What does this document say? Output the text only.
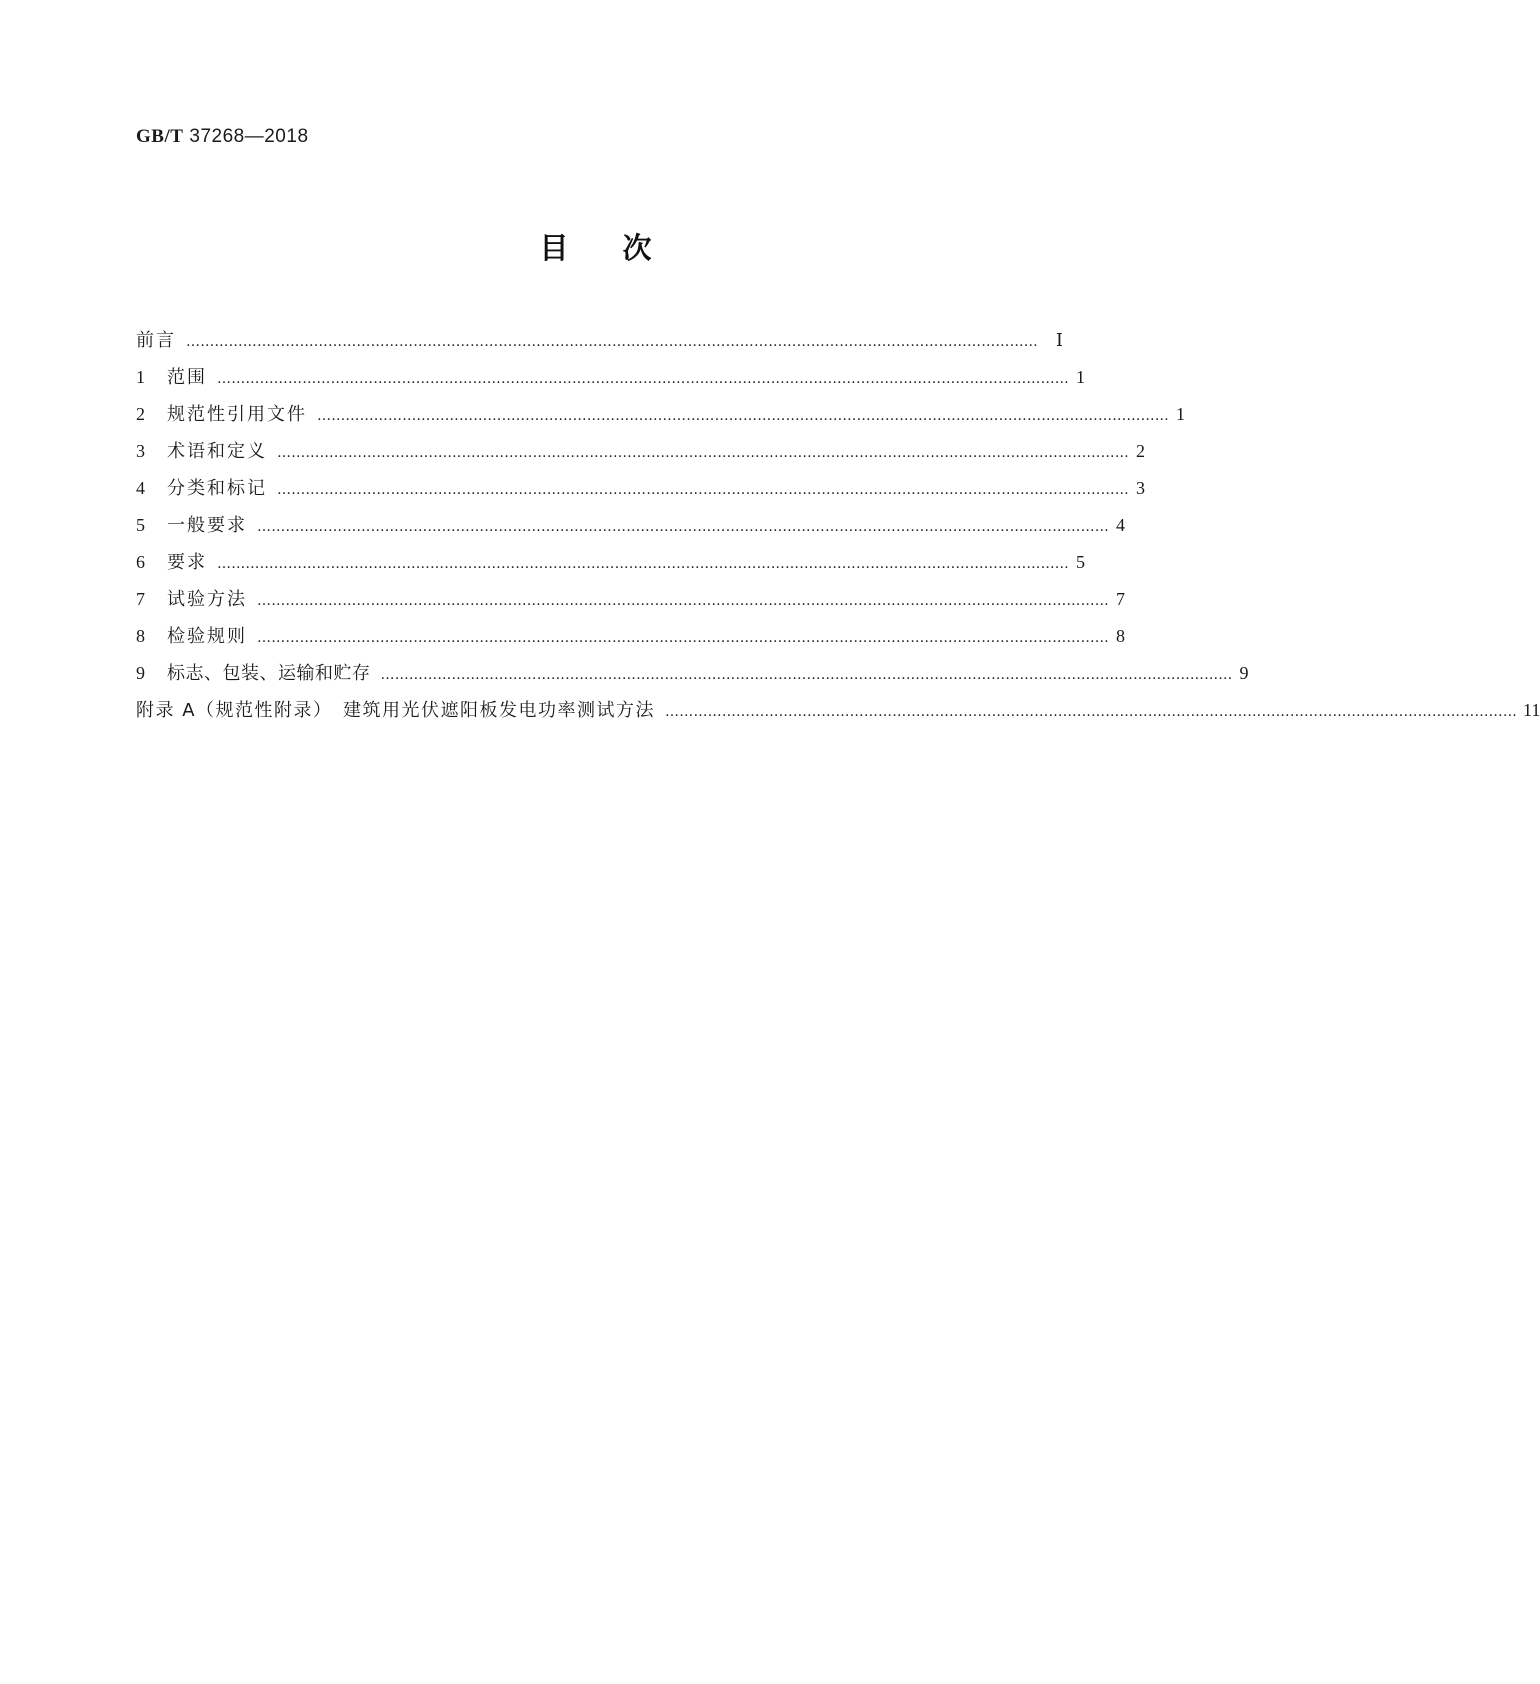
GB/T 37268—2018
目次
前言 ……………………………………………………………………………………………………………………………………………………………… Ⅰ
1	范围 ……………………………………………………………………………………………………………………………………………………………… 1
2	规范性引用文件 ……………………………………………………………………………………………………………………………………………………………… 1
3	术语和定义 ……………………………………………………………………………………………………………………………………………………………… 2
4	分类和标记 ……………………………………………………………………………………………………………………………………………………………… 3
5	一般要求 ……………………………………………………………………………………………………………………………………………………………… 4
6	要求 ……………………………………………………………………………………………………………………………………………………………… 5
7	试验方法 ……………………………………………………………………………………………………………………………………………………………… 7
8	检验规则 ……………………………………………………………………………………………………………………………………………………………… 8
9	标志、包装、运输和贮存 ……………………………………………………………………………………………………………………………………………………………… 9
附录 A（规范性附录）　建筑用光伏遮阳板发电功率测试方法 ……………………………………………………………………………………………………………………………………………………………… 11
